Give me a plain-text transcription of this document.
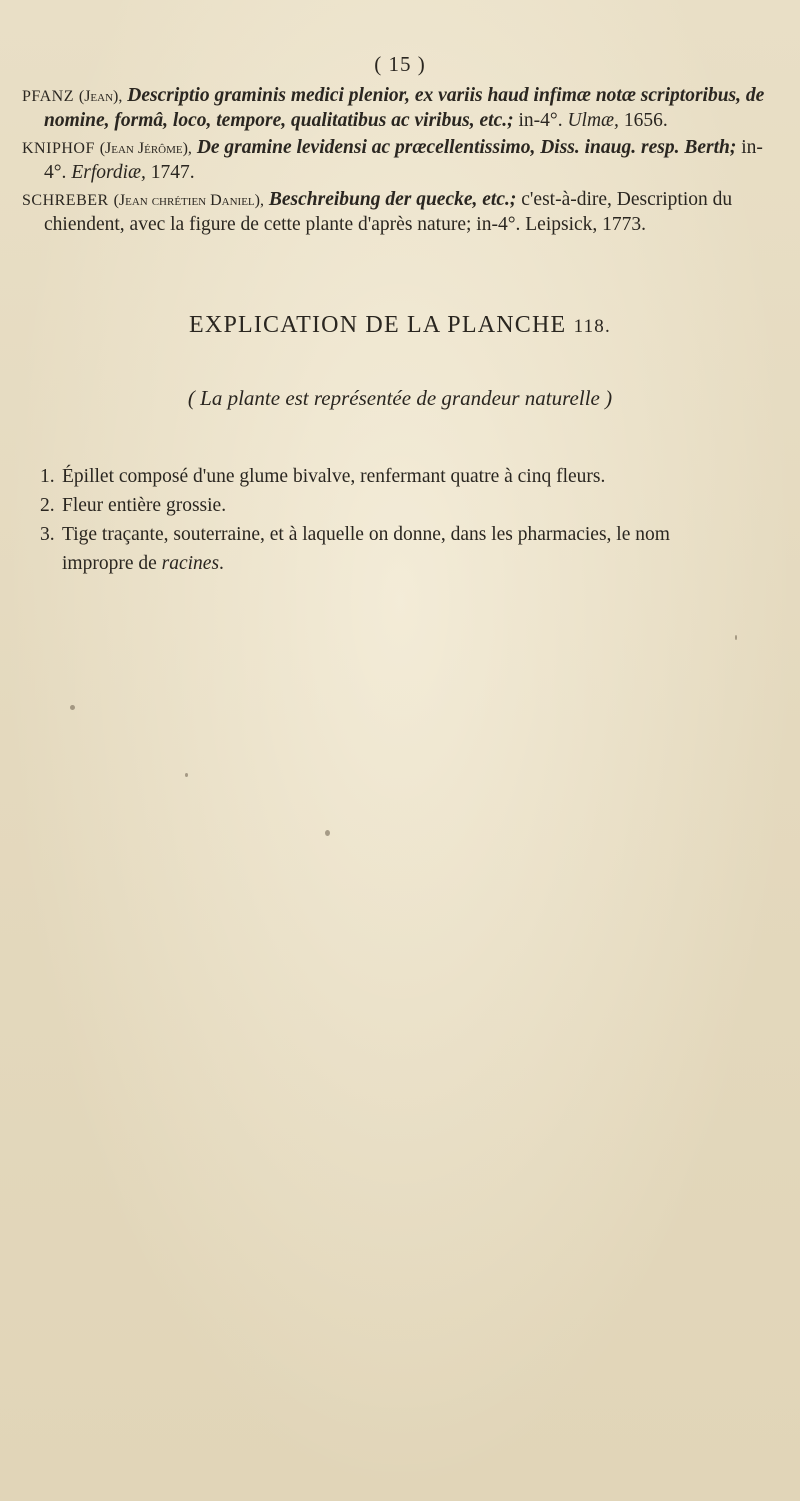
( 15 )

PFANZ (Jean), Descriptio graminis medici plenior, ex variis haud infimæ notæ scriptoribus, de nomine, formâ, loco, tempore, qualitatibus ac viribus, etc.; in-4°. Ulmæ, 1656.

KNIPHOF (Jean Jérôme), De gramine levidensi ac præcellentissimo, Diss. inaug. resp. Berth; in-4°. Erfordiæ, 1747.

SCHREBER (Jean chrétien Daniel), Beschreibung der quecke, etc.; c'est-à-dire, Description du chiendent, avec la figure de cette plante d'après nature; in-4°. Leipsick, 1773.

EXPLICATION DE LA PLANCHE 118.
( La plante est représentée de grandeur naturelle )
1. Épillet composé d'une glume bivalve, renfermant quatre à cinq fleurs.
2. Fleur entière grossie.
3. Tige traçante, souterraine, et à laquelle on donne, dans les pharmacies, le nom impropre de racines.
